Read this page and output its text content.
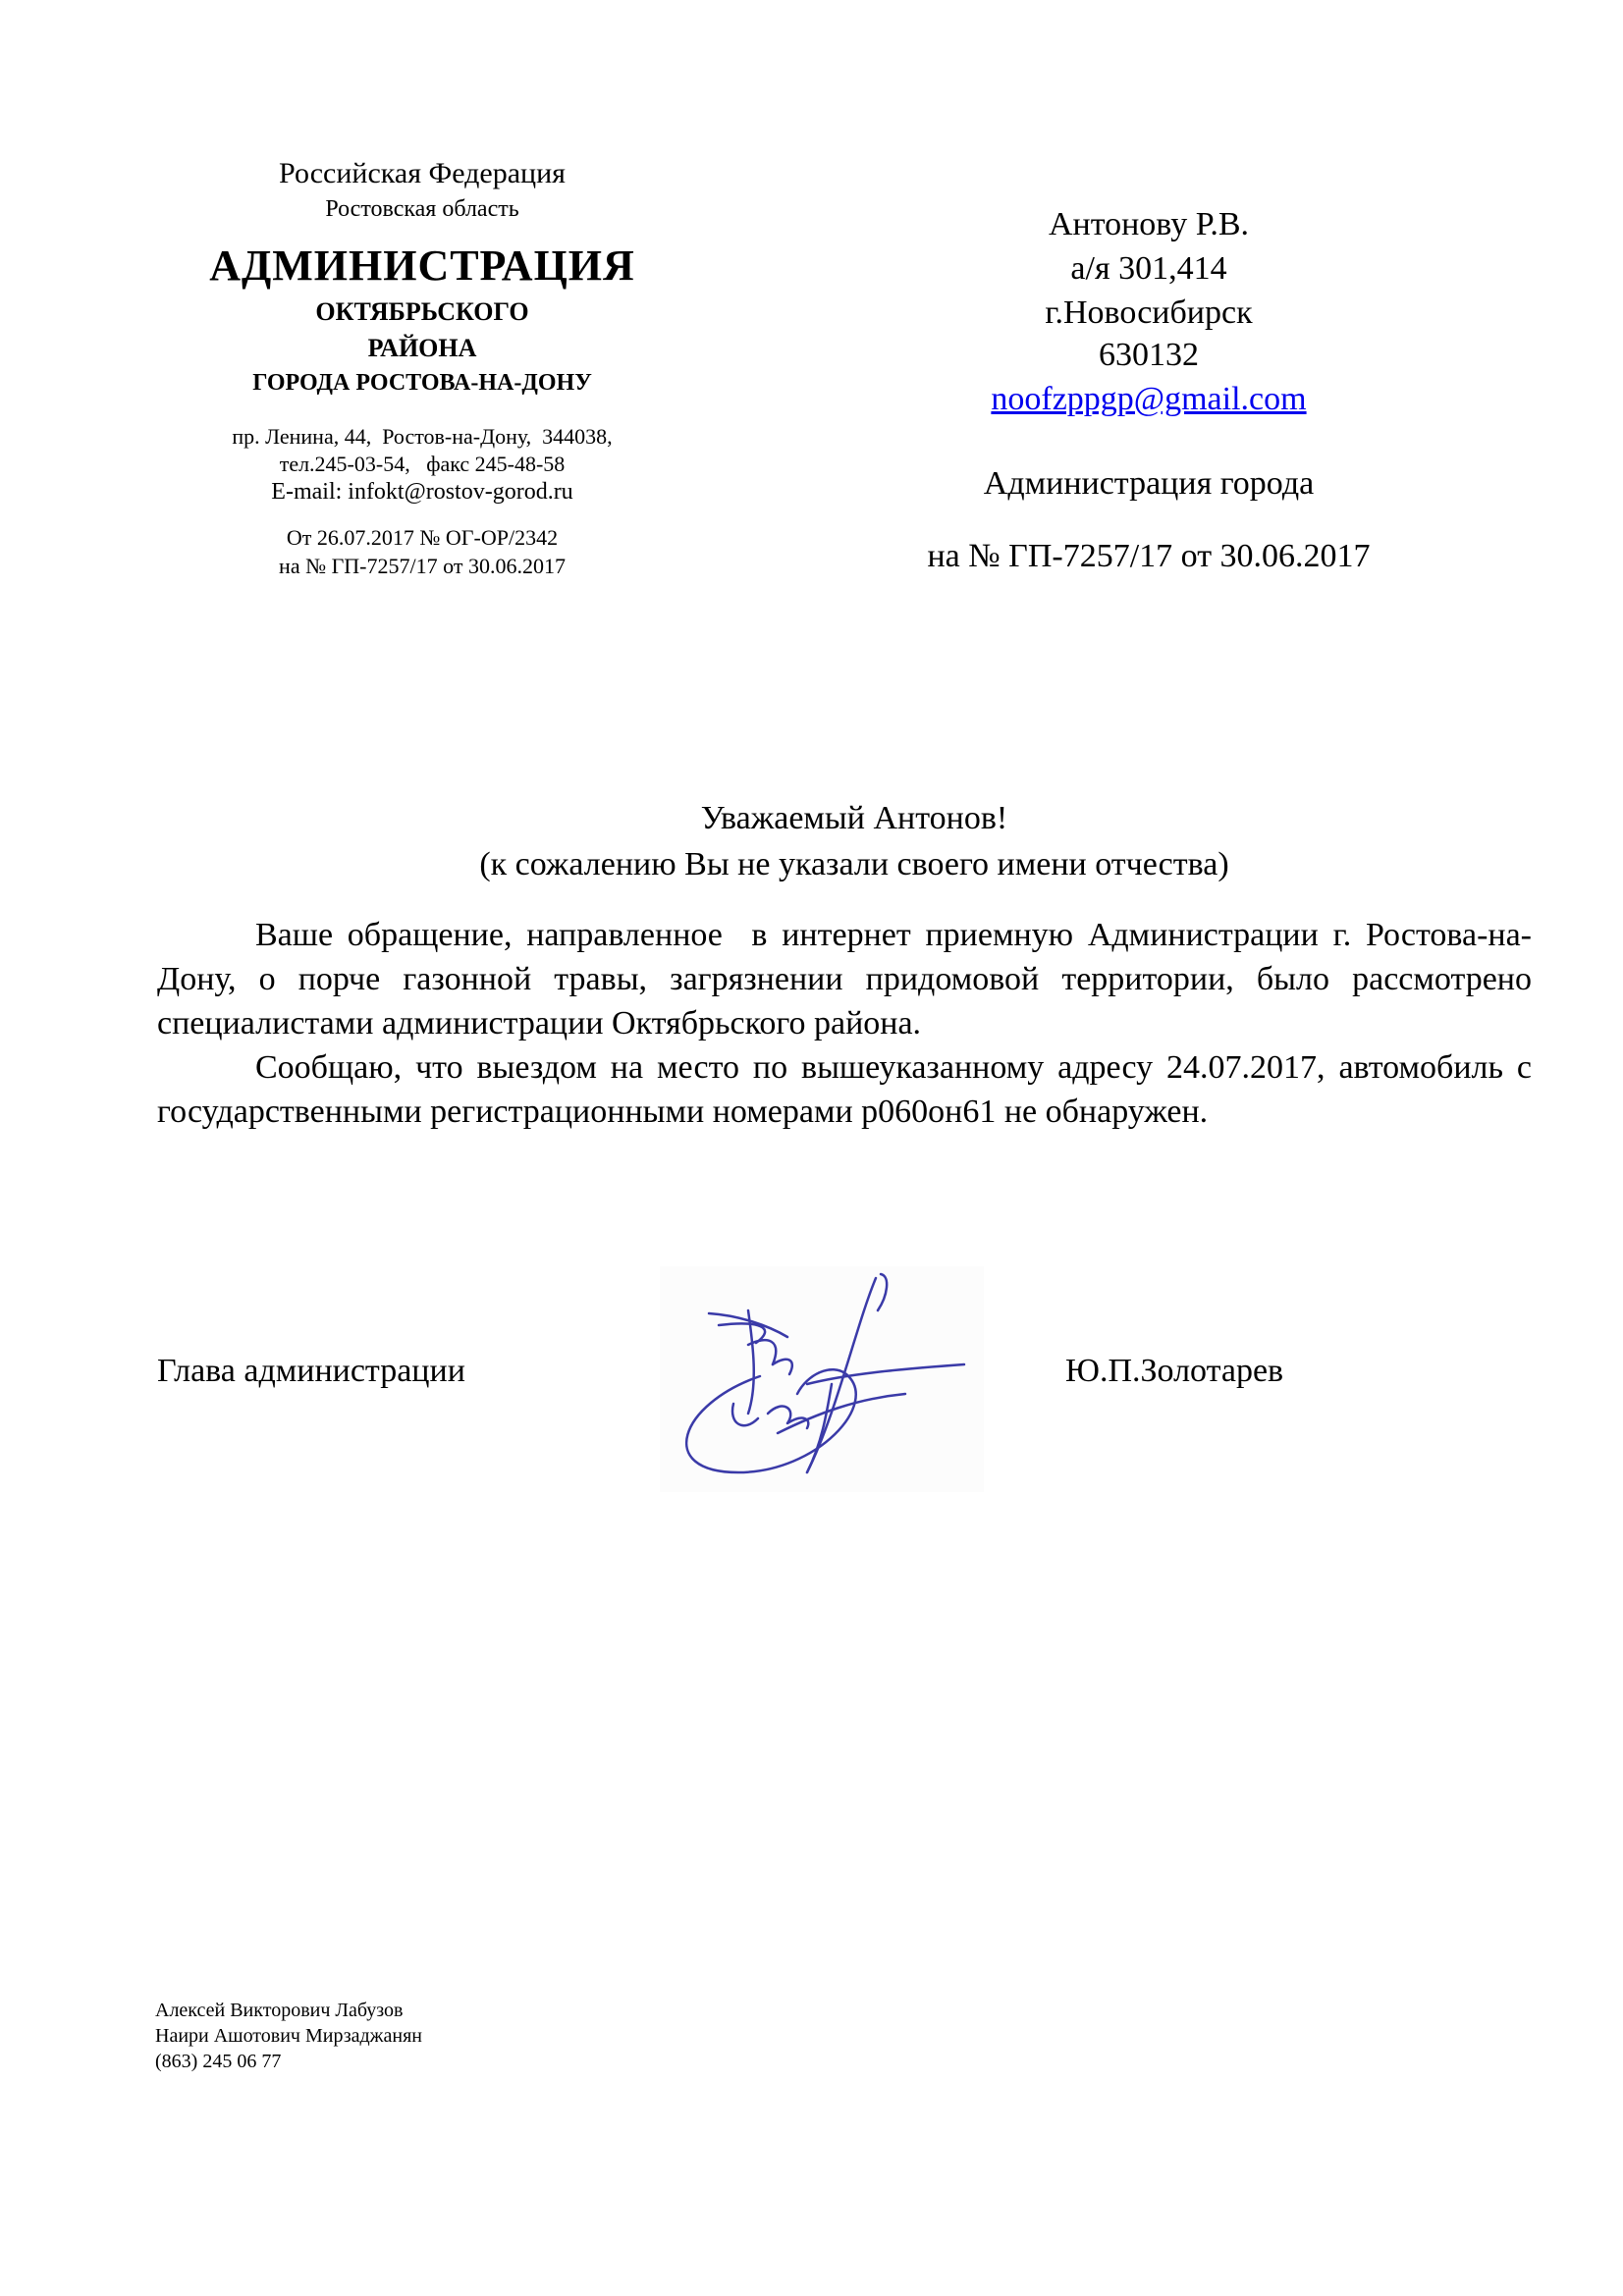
Российская Федерация
Ростовская область
АДМИНИСТРАЦИЯ
ОКТЯБРЬСКОГО
РАЙОНА
ГОРОДА РОСТОВА-НА-ДОНУ
пр. Ленина, 44,  Ростов-на-Дону,  344038,
тел.245-03-54,   факс 245-48-58
E-mail: infokt@rostov-gorod.ru
От 26.07.2017 № ОГ-ОР/2342
на № ГП-7257/17 от 30.06.2017
Антонову Р.В.
а/я 301,414
г.Новосибирск
630132
noofzppgp@gmail.com
Администрация города
на № ГП-7257/17 от 30.06.2017
Уважаемый Антонов!
(к сожалению Вы не указали своего имени отчества)
Ваше обращение, направленное  в интернет приемную Администрации г. Ростова-на-Дону, о порче газонной травы, загрязнении придомовой территории, было рассмотрено специалистами администрации Октябрьского района.
Сообщаю, что выездом на место по вышеуказанному адресу 24.07.2017, автомобиль с государственными регистрационными номерами р060он61 не обнаружен.
Глава администрации	Ю.П.Золотарев
Алексей Викторович Лабузов
Наири Ашотович Мирзаджанян
(863) 245 06 77
